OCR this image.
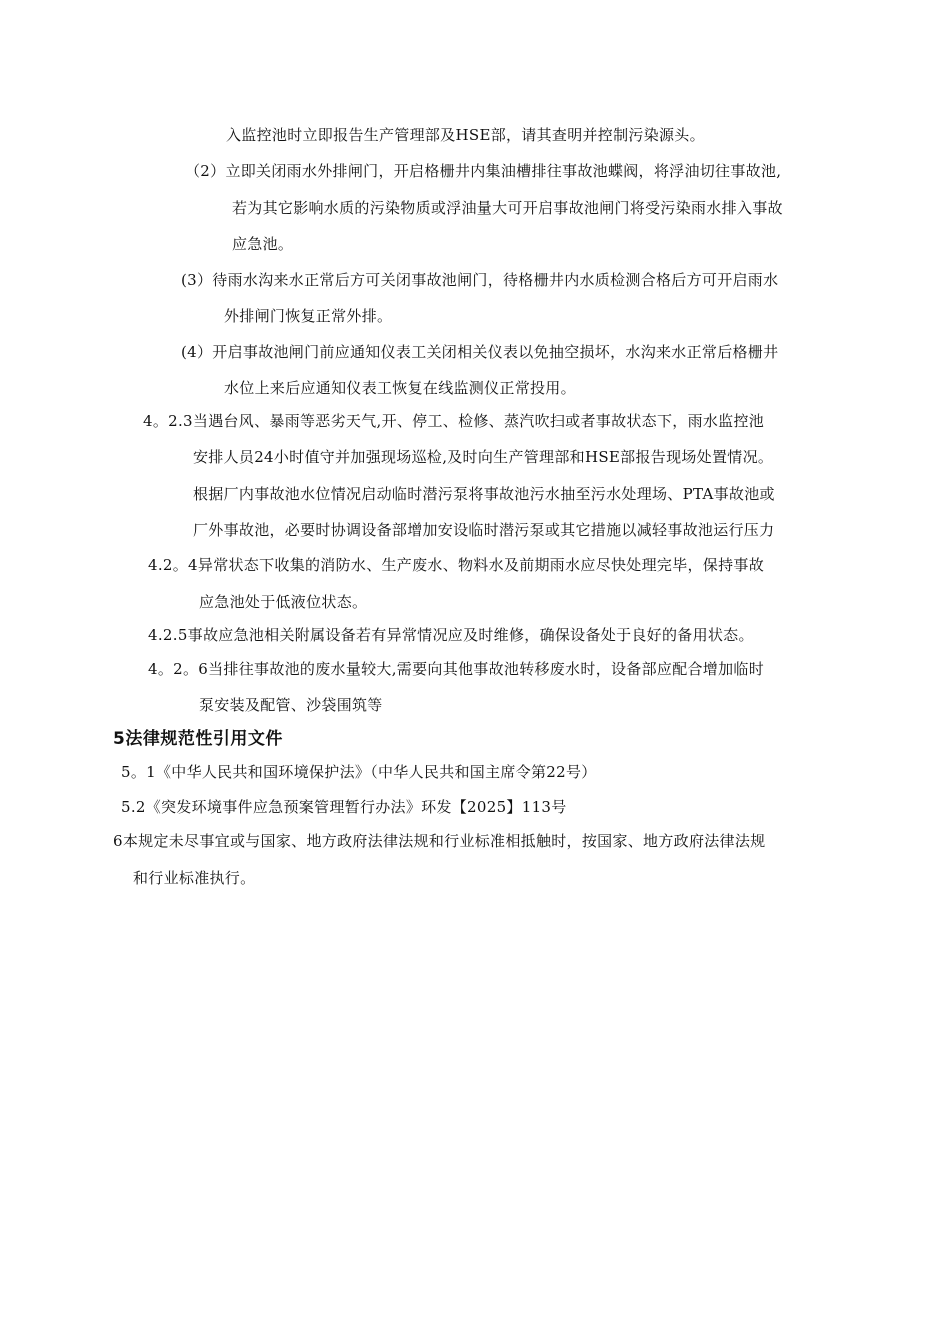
入监控池时立即报告生产管理部及HSE部，请其查明并控制污染源头。
（2）立即关闭雨水外排闸门，开启格栅井内集油槽排往事故池蝶阀，将浮油切往事故池,
若为其它影响水质的污染物质或浮油量大可开启事故池闸门将受污染雨水排入事故
应急池。
(3）待雨水沟来水正常后方可关闭事故池闸门，待格栅井内水质检测合格后方可开启雨水
外排闸门恢复正常外排。
(4）开启事故池闸门前应通知仪表工关闭相关仪表以免抽空损坏，水沟来水正常后格栅井
水位上来后应通知仪表工恢复在线监测仪正常投用。
4。2.3当遇台风、暴雨等恶劣天气,开、停工、检修、蒸汽吹扫或者事故状态下，雨水监控池
安排人员24小时值守并加强现场巡检,及时向生产管理部和HSE部报告现场处置情况。
根据厂内事故池水位情况启动临时潜污泵将事故池污水抽至污水处理场、PTA事故池或
厂外事故池，必要时协调设备部增加安设临时潜污泵或其它措施以减轻事故池运行压力
4.2。4异常状态下收集的消防水、生产废水、物料水及前期雨水应尽快处理完毕，保持事故
应急池处于低液位状态。
4.2.5事故应急池相关附属设备若有异常情况应及时维修，确保设备处于良好的备用状态。
4。2。6当排往事故池的废水量较大,需要向其他事故池转移废水时，设备部应配合增加临时
泵安装及配管、沙袋围筑等
5法律规范性引用文件
5。1《中华人民共和国环境保护法》（中华人民共和国主席令第22号）
5.2《突发环境事件应急预案管理暂行办法》环发【2025】113号
6本规定未尽事宜或与国家、地方政府法律法规和行业标准相抵触时，按国家、地方政府法律法规
和行业标准执行。
